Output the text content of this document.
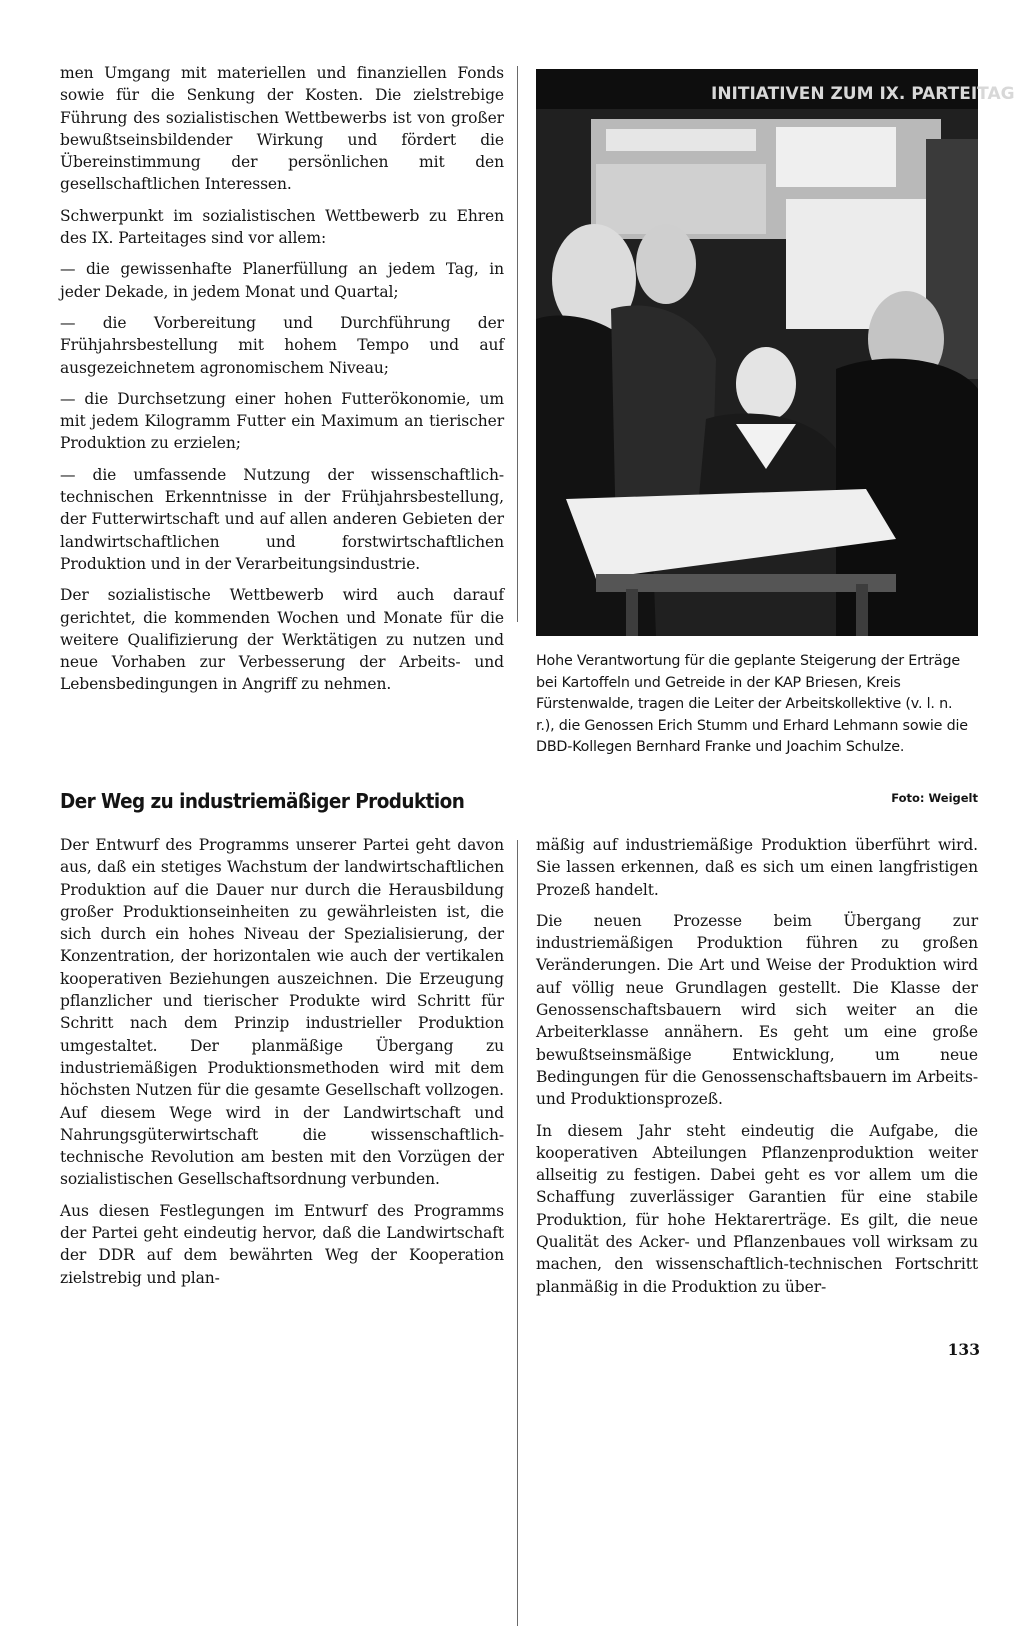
men Umgang mit materiellen und finanziellen Fonds sowie für die Senkung der Kosten. Die zielstrebige Führung des sozialistischen Wettbewerbs ist von großer bewußtseinsbildender Wirkung und fördert die Übereinstimmung der persönlichen mit den gesellschaftlichen Interessen.

Schwerpunkt im sozialistischen Wettbewerb zu Ehren des IX. Parteitages sind vor allem:

— die gewissenhafte Planerfüllung an jedem Tag, in jeder Dekade, in jedem Monat und Quartal;

— die Vorbereitung und Durchführung der Frühjahrsbestellung mit hohem Tempo und auf ausgezeichnetem agronomischem Niveau;

— die Durchsetzung einer hohen Futterökonomie, um mit jedem Kilogramm Futter ein Maximum an tierischer Produktion zu erzielen;

— die umfassende Nutzung der wissenschaftlich-technischen Erkenntnisse in der Frühjahrsbestellung, der Futterwirtschaft und auf allen anderen Gebieten der landwirtschaftlichen und forstwirtschaftlichen Produktion und in der Verarbeitungsindustrie.

Der sozialistische Wettbewerb wird auch darauf gerichtet, die kommenden Wochen und Monate für die weitere Qualifizierung der Werktätigen zu nutzen und neue Vorhaben zur Verbesserung der Arbeits- und Lebensbedingungen in Angriff zu nehmen.

INITIATIVEN ZUM IX. PARTEITAG
Hohe Verantwortung für die geplante Steigerung der Erträge bei Kartoffeln und Getreide in der KAP Briesen, Kreis Fürstenwalde, tragen die Leiter der Arbeitskollektive (v. l. n. r.), die Genossen Erich Stumm und Erhard Lehmann sowie die DBD-Kollegen Bernhard Franke und Joachim Schulze.
Foto: Weigelt
Der Weg zu industriemäßiger Produktion

Der Entwurf des Programms unserer Partei geht davon aus, daß ein stetiges Wachstum der landwirtschaftlichen Produktion auf die Dauer nur durch die Herausbildung großer Produktionseinheiten zu gewährleisten ist, die sich durch ein hohes Niveau der Spezialisierung, der Konzentration, der horizontalen wie auch der vertikalen kooperativen Beziehungen auszeichnen. Die Erzeugung pflanzlicher und tierischer Produkte wird Schritt für Schritt nach dem Prinzip industrieller Produktion umgestaltet. Der planmäßige Übergang zu industriemäßigen Produktionsmethoden wird mit dem höchsten Nutzen für die gesamte Gesellschaft vollzogen. Auf diesem Wege wird in der Landwirtschaft und Nahrungsgüterwirtschaft die wissenschaftlich-technische Revolution am besten mit den Vorzügen der sozialistischen Gesellschaftsordnung verbunden.

Aus diesen Festlegungen im Entwurf des Programms der Partei geht eindeutig hervor, daß die Landwirtschaft der DDR auf dem bewährten Weg der Kooperation zielstrebig und plan-

mäßig auf industriemäßige Produktion überführt wird. Sie lassen erkennen, daß es sich um einen langfristigen Prozeß handelt.

Die neuen Prozesse beim Übergang zur industriemäßigen Produktion führen zu großen Veränderungen. Die Art und Weise der Produktion wird auf völlig neue Grundlagen gestellt. Die Klasse der Genossenschaftsbauern wird sich weiter an die Arbeiterklasse annähern. Es geht um eine große bewußtseinsmäßige Entwicklung, um neue Bedingungen für die Genossenschaftsbauern im Arbeits- und Produktionsprozeß.

In diesem Jahr steht eindeutig die Aufgabe, die kooperativen Abteilungen Pflanzenproduktion weiter allseitig zu festigen. Dabei geht es vor allem um die Schaffung zuverlässiger Garantien für eine stabile Produktion, für hohe Hektarerträge. Es gilt, die neue Qualität des Acker- und Pflanzenbaues voll wirksam zu machen, den wissenschaftlich-technischen Fortschritt planmäßig in die Produktion zu über-

133
